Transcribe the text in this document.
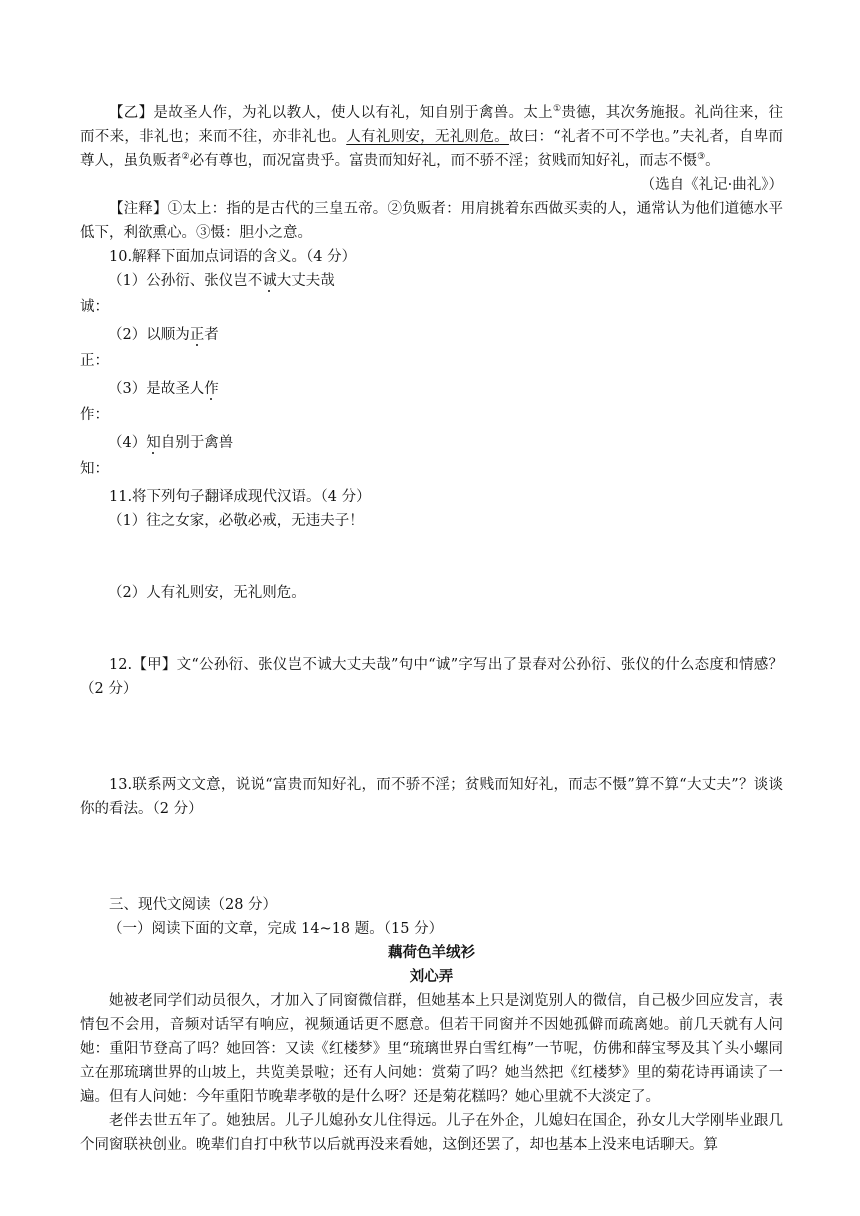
【乙】是故圣人作，为礼以教人，使人以有礼，知自别于禽兽。太上①贵德，其次务施报。礼尚往来，往而不来，非礼也；来而不往，亦非礼也。人有礼则安，无礼则危。故曰：“礼者不可不学也。”夫礼者，自卑而尊人，虽负贩者②必有尊也，而况富贵乎。富贵而知好礼，而不骄不淫；贫贱而知好礼，而志不慑③。

（选自《礼记·曲礼》）

【注释】①太上：指的是古代的三皇五帝。②负贩者：用肩挑着东西做买卖的人，通常认为他们道德水平低下，利欲熏心。③慑：胆小之意。

10.解释下面加点词语的含义。（4 分）

（1）公孙衍、张仪岂不诚大丈夫哉

诚：

（2）以顺为正者

正：

（3）是故圣人作

作：

（4）知自别于禽兽

知：

11.将下列句子翻译成现代汉语。（4 分）

（1）往之女家，必敬必戒，无违夫子！

（2）人有礼则安，无礼则危。

12.【甲】文“公孙衍、张仪岂不诚大丈夫哉”句中“诚”字写出了景春对公孙衍、张仪的什么态度和情感？（2 分）

13.联系两文文意，说说“富贵而知好礼，而不骄不淫；贫贱而知好礼，而志不慑”算不算“大丈夫”？谈谈你的看法。（2 分）

三、现代文阅读（28 分）

（一）阅读下面的文章，完成 14~18 题。（15 分）

藕荷色羊绒衫

刘心弄

她被老同学们动员很久，才加入了同窗微信群，但她基本上只是浏览别人的微信，自己极少回应发言，表情包不会用，音频对话罕有响应，视频通话更不愿意。但若干同窗并不因她孤僻而疏离她。前几天就有人问她：重阳节登高了吗？她回答：又读《红楼梦》里“琉璃世界白雪红梅”一节呢，仿佛和薛宝琴及其丫头小螺同立在那琉璃世界的山坡上，共览美景啦；还有人问她：赏菊了吗？她当然把《红楼梦》里的菊花诗再诵读了一遍。但有人问她：今年重阳节晚辈孝敬的是什么呀？还是菊花糕吗？她心里就不大淡定了。

老伴去世五年了。她独居。儿子儿媳孙女儿住得远。儿子在外企，儿媳妇在国企，孙女儿大学刚毕业跟几个同窗联袂创业。晚辈们自打中秋节以后就再没来看她，这倒还罢了，却也基本上没来电话聊天。算
